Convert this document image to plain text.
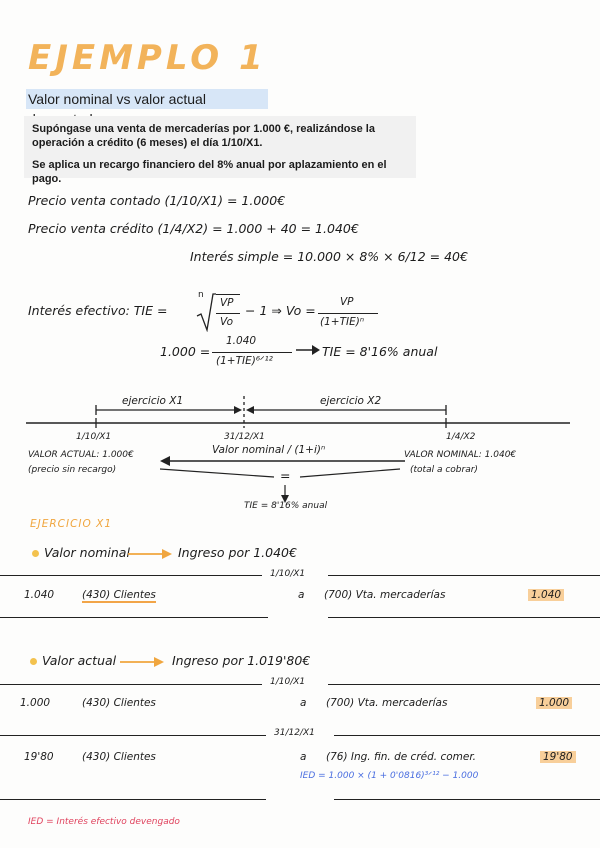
EJEMPLO 1
Valor nominal vs valor actual

Supóngase una venta de mercaderías por 1.000 €, realizándose la operación a crédito (6 meses) el día 1/10/X1.

Se aplica un recargo financiero del 8% anual por aplazamiento en el pago.

Precio venta contado (1/10/X1) = 1.000€
Precio venta crédito (1/4/X2) = 1.000 + 40 = 1.040€
Interés simple = 10.000 × 8% × 6/12 = 40€
Interés efectivo: TIE =
n
VP
Vo
− 1 ⇒ Vo =
VP
(1+TIE)ⁿ
1.000 =
1.040
(1+TIE)⁶ᐟ¹²
TIE = 8'16% anual
ejercicio X1	ejercicio X2
1/10/X1	31/12/X1	1/4/X2
VALOR ACTUAL: 1.000€
(precio sin recargo)
Valor nominal / (1+i)ⁿ
=
VALOR NOMINAL: 1.040€
(total a cobrar)
TIE = 8'16% anual
EJERCICIO X1
Valor nominal	Ingreso por 1.040€
1/10/X1
1.040	(430) Clientes	a (700) Vta. mercaderías	1.040
Valor actual	Ingreso por 1.019'80€
1/10/X1
1.000	(430) Clientes	a (700) Vta. mercaderías	1.000
31/12/X1
19'80	(430) Clientes	a (76) Ing. fin. de créd. comer.	19'80
IED = 1.000 × (1 + 0'0816)³ᐟ¹² − 1.000
IED = Interés efectivo devengado
